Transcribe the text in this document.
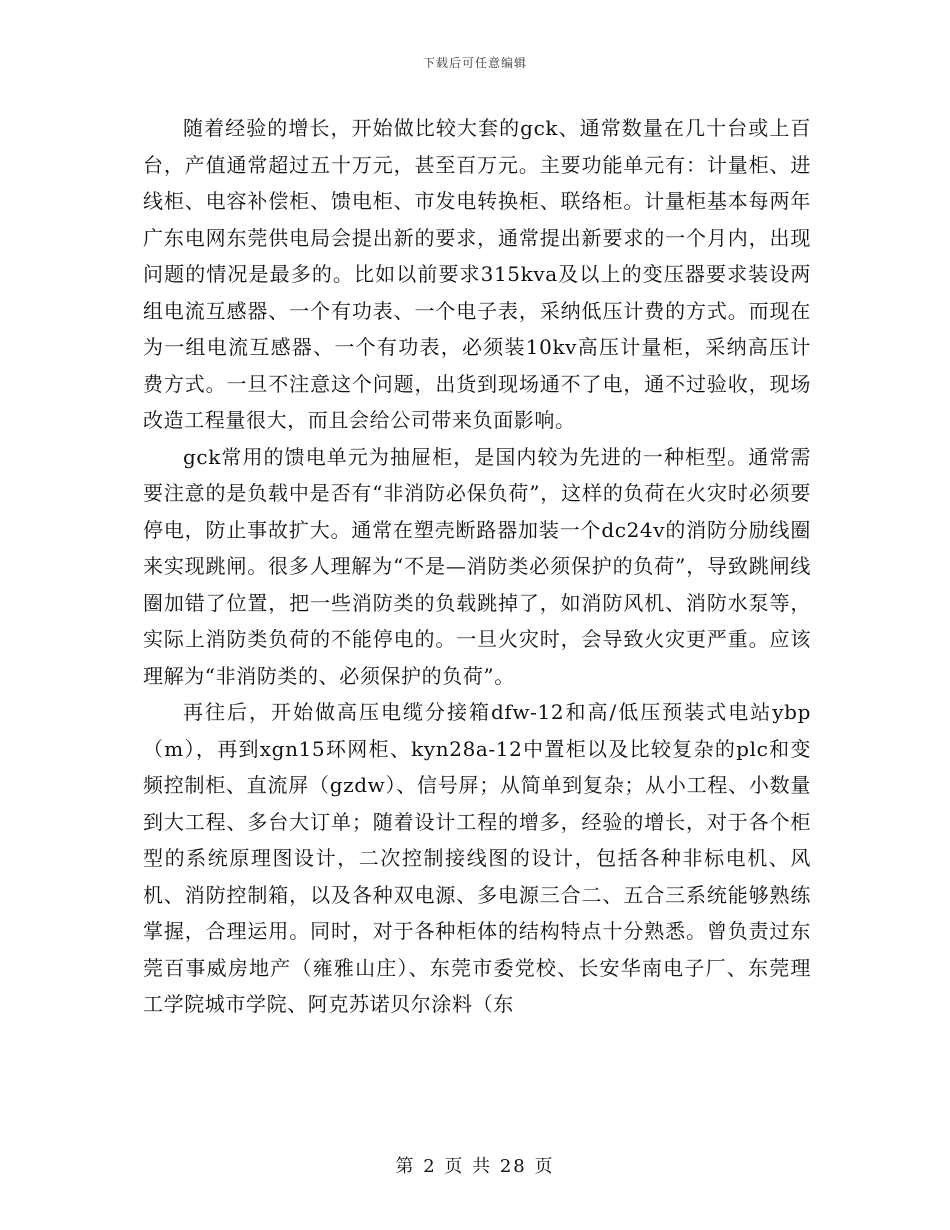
下载后可任意编辑

随着经验的增长，开始做比较大套的gck、通常数量在几十台或上百台，产值通常超过五十万元，甚至百万元。主要功能单元有：计量柜、进线柜、电容补偿柜、馈电柜、市发电转换柜、联络柜。计量柜基本每两年广东电网东莞供电局会提出新的要求，通常提出新要求的一个月内，出现问题的情况是最多的。比如以前要求315kva及以上的变压器要求装设两组电流互感器、一个有功表、一个电子表，采纳低压计费的方式。而现在为一组电流互感器、一个有功表，必须装10kv高压计量柜，采纳高压计费方式。一旦不注意这个问题，出货到现场通不了电，通不过验收，现场改造工程量很大，而且会给公司带来负面影响。

gck常用的馈电单元为抽屉柜，是国内较为先进的一种柜型。通常需要注意的是负载中是否有“非消防必保负荷”，这样的负荷在火灾时必须要停电，防止事故扩大。通常在塑壳断路器加装一个dc24v的消防分励线圈来实现跳闸。很多人理解为“不是—消防类必须保护的负荷”，导致跳闸线圈加错了位置，把一些消防类的负载跳掉了，如消防风机、消防水泵等，实际上消防类负荷的不能停电的。一旦火灾时，会导致火灾更严重。应该理解为“非消防类的、必须保护的负荷”。

再往后，开始做高压电缆分接箱dfw-12和高/低压预装式电站ybp（m），再到xgn15环网柜、kyn28a-12中置柜以及比较复杂的plc和变频控制柜、直流屏（gzdw）、信号屏；从简单到复杂；从小工程、小数量到大工程、多台大订单；随着设计工程的增多，经验的增长，对于各个柜型的系统原理图设计，二次控制接线图的设计，包括各种非标电机、风机、消防控制箱，以及各种双电源、多电源三合二、五合三系统能够熟练掌握，合理运用。同时，对于各种柜体的结构特点十分熟悉。曾负责过东莞百事威房地产（雍雅山庄）、东莞市委党校、长安华南电子厂、东莞理工学院城市学院、阿克苏诺贝尔涂料（东

第 2 页 共 28 页
